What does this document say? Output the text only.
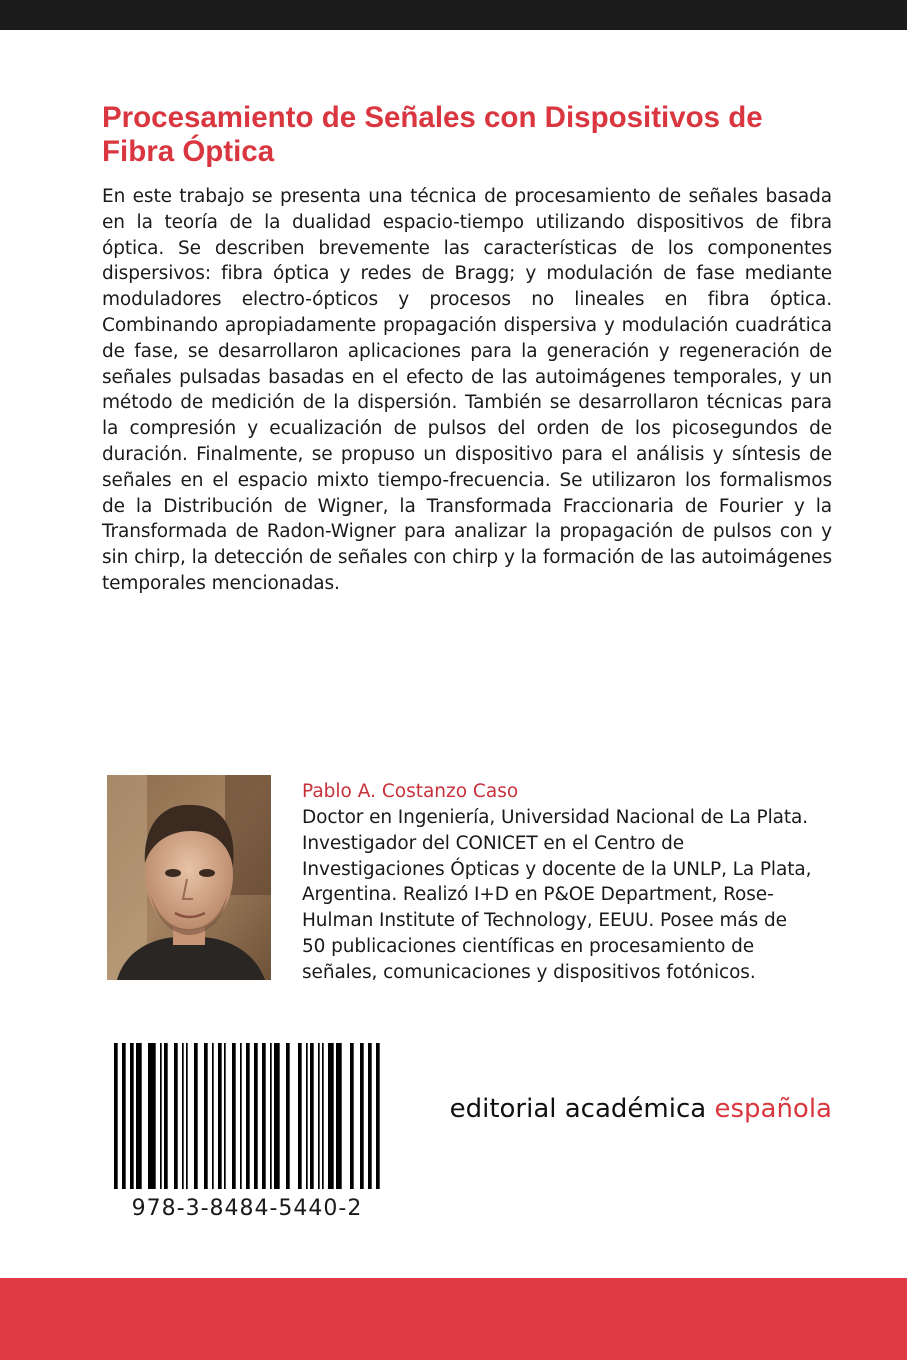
Procesamiento de Señales con Dispositivos de Fibra Óptica

En este trabajo se presenta una técnica de procesamiento de señales basada en la teoría de la dualidad espacio-tiempo utilizando dispositivos de fibra óptica. Se describen brevemente las características de los componentes dispersivos: fibra óptica y redes de Bragg; y modulación de fase mediante moduladores electro-ópticos y procesos no lineales en fibra óptica. Combinando apropiadamente propagación dispersiva y modulación cuadrática de fase, se desarrollaron aplicaciones para la generación y regeneración de señales pulsadas basadas en el efecto de las autoimágenes temporales, y un método de medición de la dispersión. También se desarrollaron técnicas para la compresión y ecualización de pulsos del orden de los picosegundos de duración. Finalmente, se propuso un dispositivo para el análisis y síntesis de señales en el espacio mixto tiempo-frecuencia. Se utilizaron los formalismos de la Distribución de Wigner, la Transformada Fraccionaria de Fourier y la Transformada de Radon-Wigner para analizar la propagación de pulsos con y sin chirp, la detección de señales con chirp y la formación de las autoimágenes temporales mencionadas.

Pablo A. Costanzo Caso

Doctor en Ingeniería, Universidad Nacional de La Plata. Investigador del CONICET en el Centro de Investigaciones Ópticas y docente de la UNLP, La Plata, Argentina. Realizó I+D en P&OE Department, Rose-Hulman Institute of Technology, EEUU. Posee más de 50 publicaciones científicas en procesamiento de señales, comunicaciones y dispositivos fotónicos.

978-3-8484-5440-2
editorial académica española
